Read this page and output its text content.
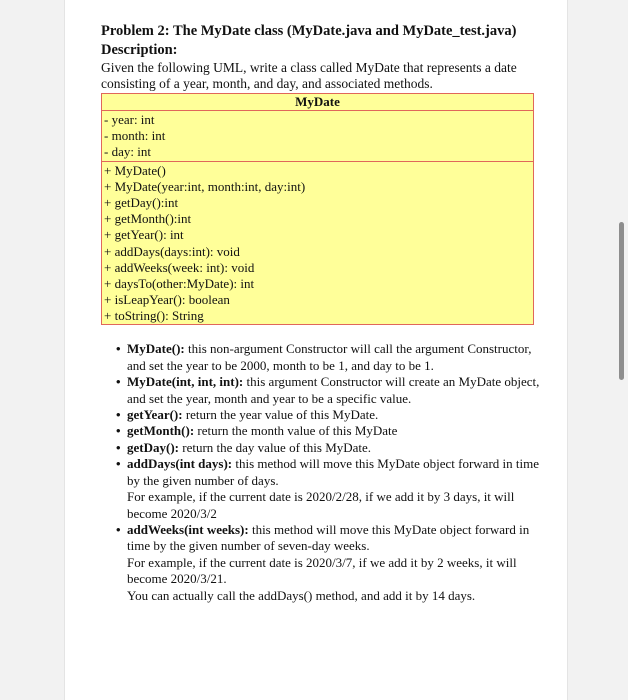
Problem 2: The MyDate class (MyDate.java and MyDate_test.java)

Description:

Given the following UML, write a class called MyDate that represents a date consisting of a year, month, and day, and associated methods.

MyDate
- year: int
- month: int
- day: int
+ MyDate()
+ MyDate(year:int, month:int, day:int)
+ getDay():int
+ getMonth():int
+ getYear(): int
+ addDays(days:int): void
+ addWeeks(week: int): void
+ daysTo(other:MyDate): int
+ isLeapYear(): boolean
+ toString(): String
• MyDate(): this non-argument Constructor will call the argument Constructor, and set the year to be 2000, month to be 1, and day to be 1.
• MyDate(int, int, int): this argument Constructor will create an MyDate object, and set the year, month and year to be a specific value.
• getYear(): return the year value of this MyDate.
• getMonth(): return the month value of this MyDate
• getDay(): return the day value of this MyDate.
• addDays(int days): this method will move this MyDate object forward in time by the given number of days.
For example, if the current date is 2020/2/28, if we add it by 3 days, it will become 2020/3/2
• addWeeks(int weeks): this method will move this MyDate object forward in time by the given number of seven-day weeks.
For example, if the current date is 2020/3/7, if we add it by 2 weeks, it will become 2020/3/21.
You can actually call the addDays() method, and add it by 14 days.
